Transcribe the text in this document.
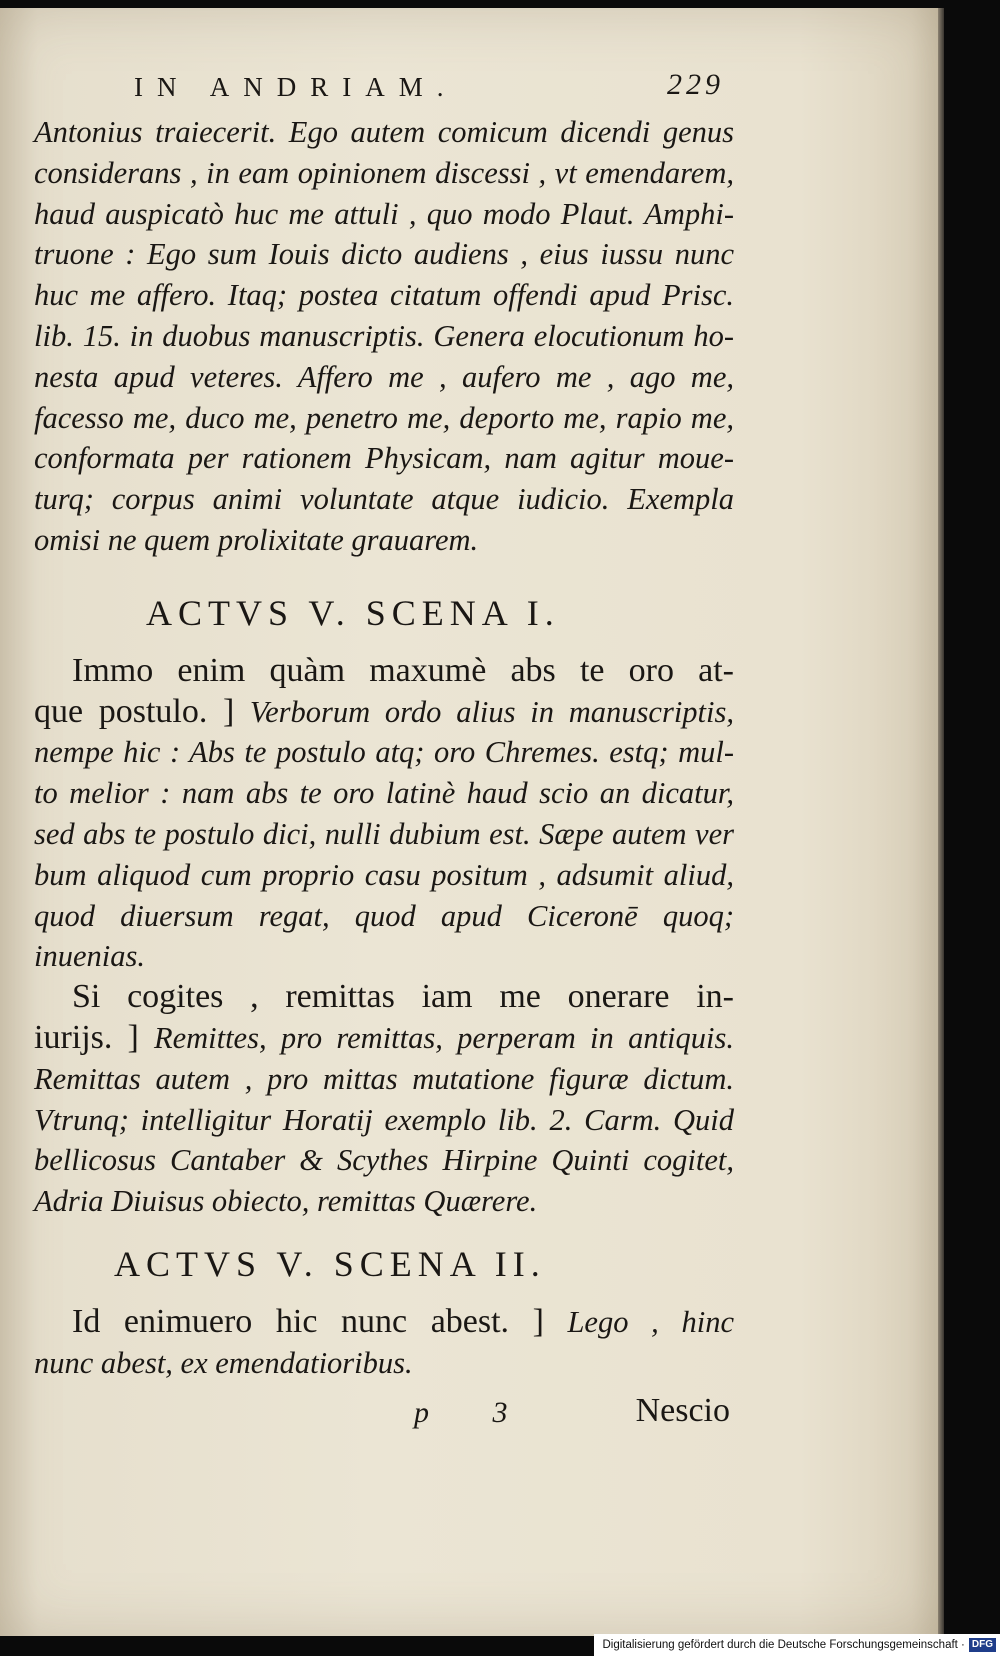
IN ANDRIAM.	229

Antonius traiecerit. Ego autem comicum dicendi genus

considerans , in eam opinionem discessi , vt emendarem,

haud auspicatò huc me attuli , quo modo Plaut. Amphi-

truone : Ego sum Iouis dicto audiens , eius iussu nunc

huc me affero. Itaq; postea citatum offendi apud Prisc.

lib. 15. in duobus manuscriptis. Genera elocutionum ho-

nesta apud veteres. Affero me , aufero me , ago me,

facesso me, duco me, penetro me, deporto me, rapio me,

conformata per rationem Physicam, nam agitur moue-

turq; corpus animi voluntate atque iudicio. Exempla

omisi ne quem prolixitate grauarem.

ACTVS V. SCENA I.

Immo enim quàm maxumè abs te oro at-

que postulo. ] Verborum ordo alius in manuscriptis,

nempe hic : Abs te postulo atq; oro Chremes. estq; mul-

to melior : nam abs te oro latinè haud scio an dicatur,

sed abs te postulo dici, nulli dubium est. Sæpe autem ver

bum aliquod cum proprio casu positum , adsumit aliud,

quod diuersum regat, quod apud Ciceronē quoq; inuenias.

Si cogites , remittas iam me onerare in-

iurijs. ] Remittes, pro remittas, perperam in antiquis.

Remittas autem , pro mittas mutatione figuræ dictum.

Vtrunq; intelligitur Horatij exemplo lib. 2. Carm. Quid

bellicosus Cantaber & Scythes Hirpine Quinti cogitet,

Adria Diuisus obiecto, remittas Quærere.

ACTVS V. SCENA II.

Id enimuero hic nunc abest. ] Lego , hinc

nunc abest, ex emendatioribus.

p 3	Nescio
Digitalisierung gefördert durch die Deutsche Forschungsgemeinschaft · DFG
